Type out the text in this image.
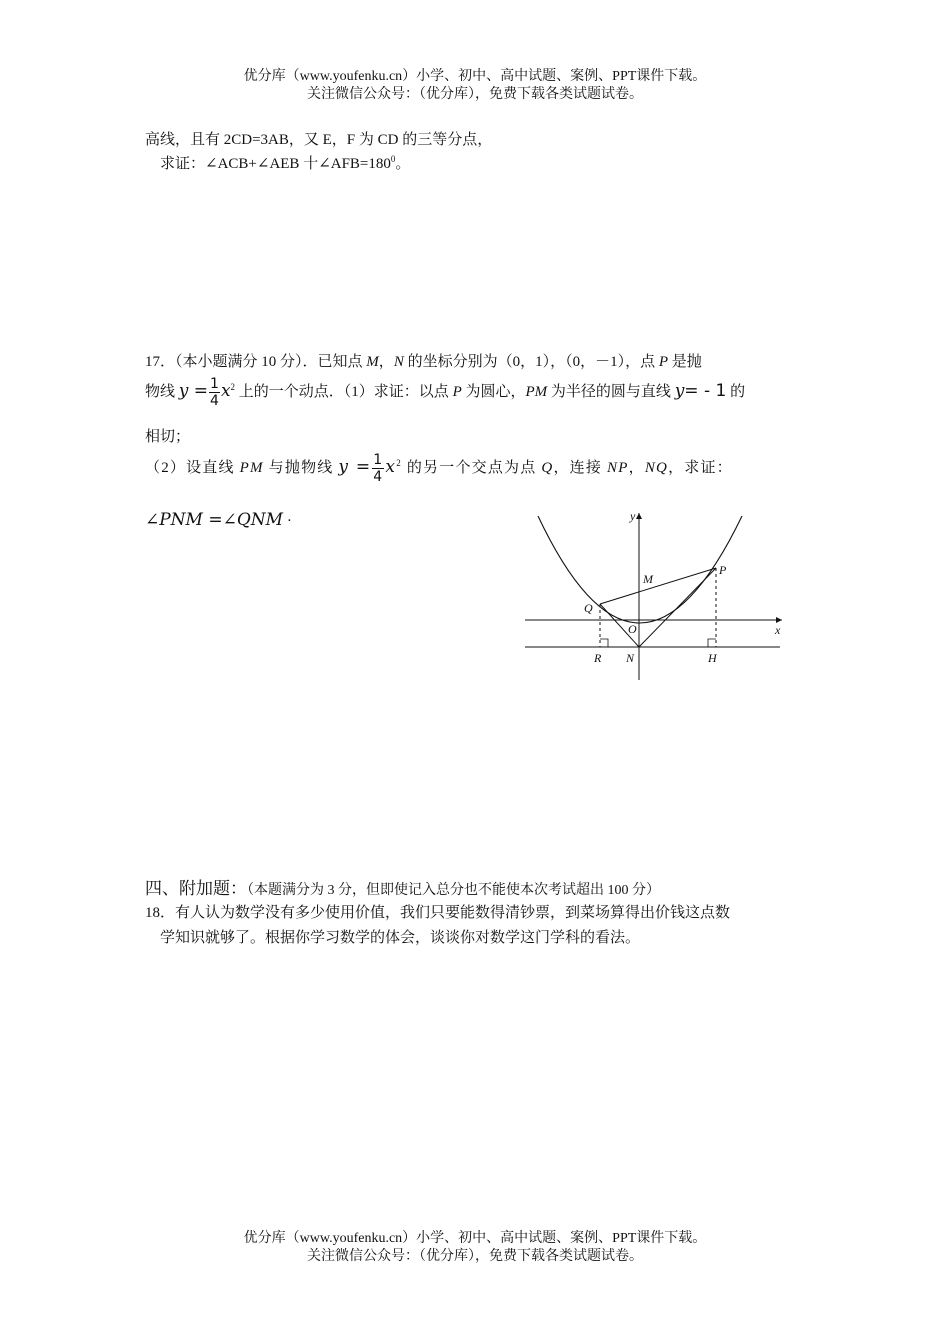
优分库（www.youfenku.cn）小学、初中、高中试题、案例、PPT课件下载。
关注微信公众号：（优分库），免费下载各类试题试卷。
高线，且有 2CD=3AB，又 E，F 为 CD 的三等分点，
求证：∠ACB+∠AEB 十$\angle AFB=180^0$。
17．（本小题满分 10 分）．已知点 M，N 的坐标分别为（0，1），（0，－1），点 P 是抛
物线 $y = \frac{1}{4} x^2$ 上的一个动点．（1）求证：以点 P 为圆心，PM 为半径的圆与直线 y= - 1 的
相切；
（2）设直线 PM 与抛物线 $y = \frac{1}{4} x^2$ 的另一个交点为点 Q，连接 NP，NQ，求证：
∠PNM =∠QNM ·	y
x
M
P
Q
O
R N	H
四、附加题：（本题满分为 3 分，但即使记入总分也不能使本次考试超出 100 分）
18．有人认为数学没有多少使用价值，我们只要能数得清钞票，到菜场算得出价钱这点数
学知识就够了。根据你学习数学的体会，谈谈你对数学这门学科的看法。
优分库（www.youfenku.cn）小学、初中、高中试题、案例、PPT课件下载。
关注微信公众号：（优分库），免费下载各类试题试卷。
